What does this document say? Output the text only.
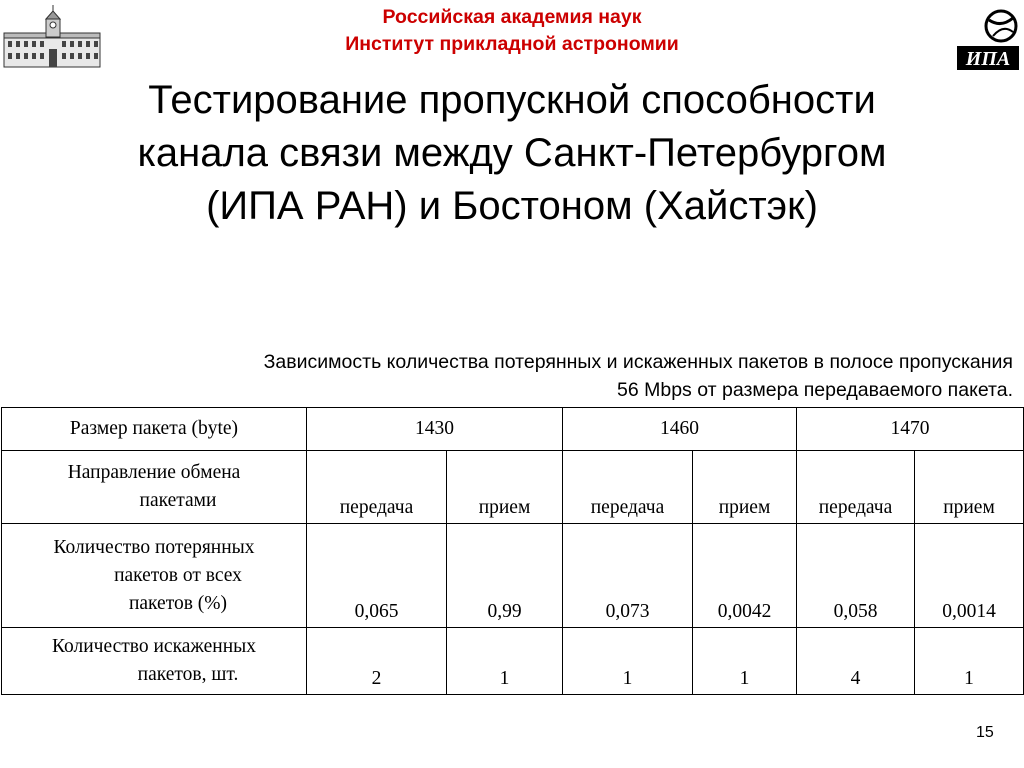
Российская академия наук
Институт прикладной астрономии
ИПА
Тестирование пропускной способности
канала связи между Санкт-Петербургом
(ИПА РАН) и Бостоном (Хайстэк)
Зависимость количества потерянных и искаженных пакетов в полосе пропускания
56 Mbps от размера передаваемого пакета.
Размер пакета (byte)	1430		1460		1470	
Направление обмена
пакетами	передача	прием	передача	прием	передача	прием
Количество потерянных
пакетов от всех
пакетов (%)	0,065	0,99	0,073	0,0042	0,058	0,0014
Количество искаженных
пакетов, шт.	2	1	1	1	4	1
15
